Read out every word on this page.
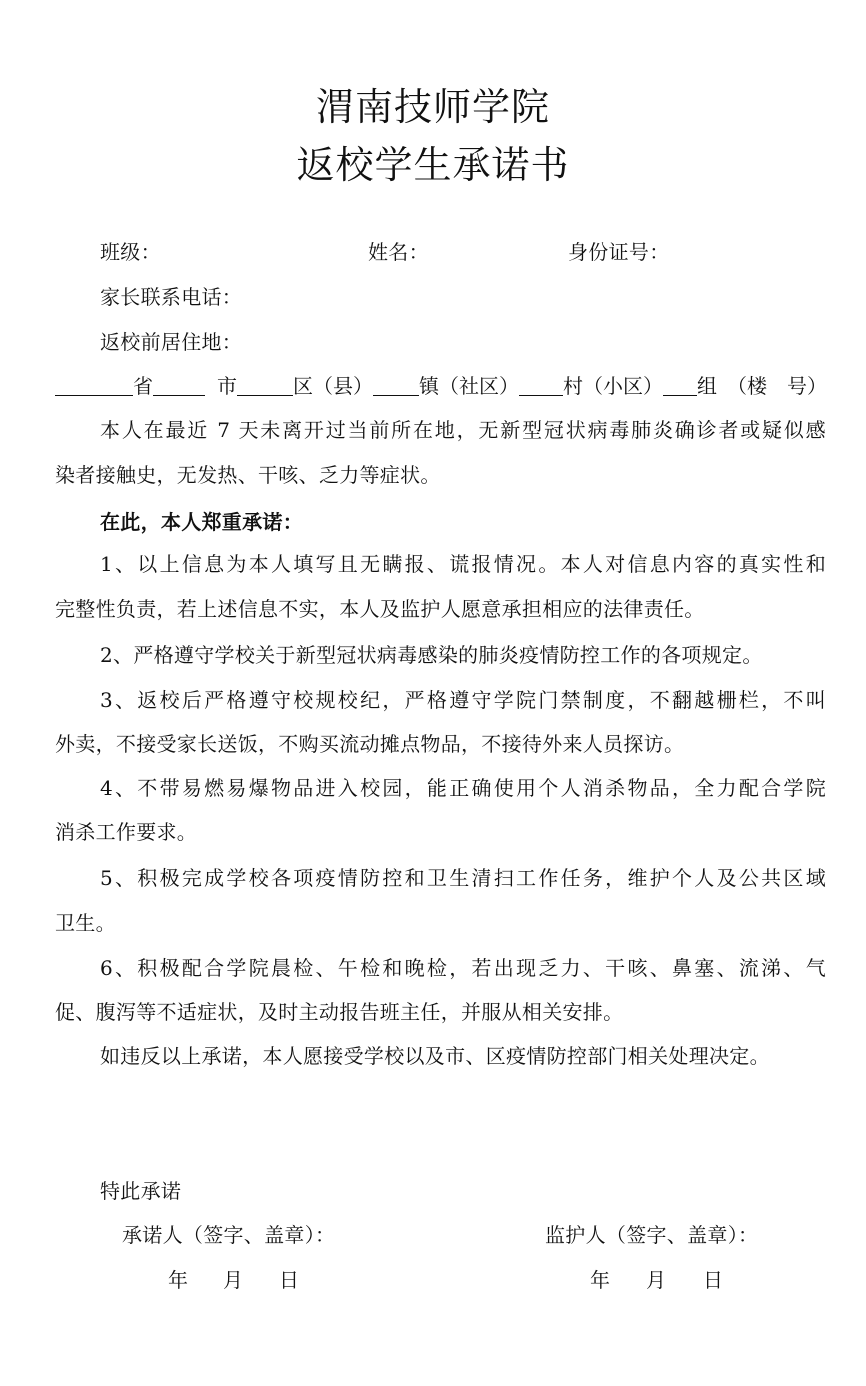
渭南技师学院
返校学生承诺书
班级：	姓名：	身份证号：
家长联系电话：
返校前居住地：
省	市	区（县） 镇（社区） 村（小区） 组 （楼　号）
本人在最近 7 天未离开过当前所在地，无新型冠状病毒肺炎确诊者或疑似感
染者接触史，无发热、干咳、乏力等症状。
在此，本人郑重承诺：
1、以上信息为本人填写且无瞒报、谎报情况。本人对信息内容的真实性和
完整性负责，若上述信息不实，本人及监护人愿意承担相应的法律责任。
2、严格遵守学校关于新型冠状病毒感染的肺炎疫情防控工作的各项规定。
3、返校后严格遵守校规校纪，严格遵守学院门禁制度，不翻越栅栏，不叫
外卖，不接受家长送饭，不购买流动摊点物品，不接待外来人员探访。
4、不带易燃易爆物品进入校园，能正确使用个人消杀物品，全力配合学院
消杀工作要求。
5、积极完成学校各项疫情防控和卫生清扫工作任务，维护个人及公共区域
卫生。
6、积极配合学院晨检、午检和晚检，若出现乏力、干咳、鼻塞、流涕、气
促、腹泻等不适症状，及时主动报告班主任，并服从相关安排。
如违反以上承诺，本人愿接受学校以及市、区疫情防控部门相关处理决定。
特此承诺
承诺人（签字、盖章）：	监护人（签字、盖章）：
年 月 日	年 月 日
